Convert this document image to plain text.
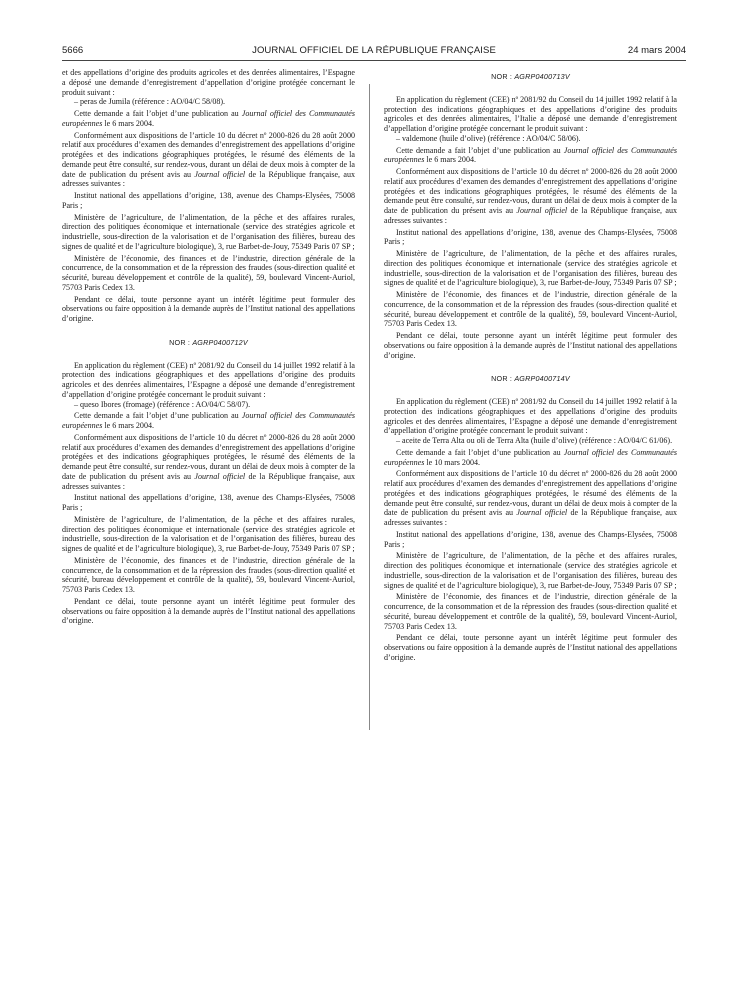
5666	JOURNAL OFFICIEL DE LA RÉPUBLIQUE FRANÇAISE	24 mars 2004

et des appellations d’origine des produits agricoles et des denrées alimentaires, l’Espagne a déposé une demande d’enregistrement d’appellation d’origine protégée concernant le produit suivant :

– peras de Jumila (référence : AO/04/C 58/08).

Cette demande a fait l’objet d’une publication au Journal officiel des Communautés européennes le 6 mars 2004.

Conformément aux dispositions de l’article 10 du décret nº 2000-826 du 28 août 2000 relatif aux procédures d’examen des demandes d’enregistrement des appellations d’origine protégées et des indications géographiques protégées, le résumé des éléments de la demande peut être consulté, sur rendez-vous, durant un délai de deux mois à compter de la date de publication du présent avis au Journal officiel de la République française, aux adresses suivantes :

Institut national des appellations d’origine, 138, avenue des Champs-Elysées, 75008 Paris ;

Ministère de l’agriculture, de l’alimentation, de la pêche et des affaires rurales, direction des politiques économique et internationale (service des stratégies agricole et industrielle, sous-direction de la valorisation et de l’organisation des filières, bureau des signes de qualité et de l’agriculture biologique), 3, rue Barbet-de-Jouy, 75349 Paris 07 SP ;

Ministère de l’économie, des finances et de l’industrie, direction générale de la concurrence, de la consommation et de la répression des fraudes (sous-direction qualité et sécurité, bureau développement et contrôle de la qualité), 59, boulevard Vincent-Auriol, 75703 Paris Cedex 13.

Pendant ce délai, toute personne ayant un intérêt légitime peut formuler des observations ou faire opposition à la demande auprès de l’Institut national des appellations d’origine.

NOR : AGRP0400712V

En application du règlement (CEE) nº 2081/92 du Conseil du 14 juillet 1992 relatif à la protection des indications géographiques et des appellations d’origine des produits agricoles et des denrées alimentaires, l’Espagne a déposé une demande d’enregistrement d’appellation d’origine protégée concernant le produit suivant :

– queso Ibores (fromage) (référence : AO/04/C 58/07).

Cette demande a fait l’objet d’une publication au Journal officiel des Communautés européennes le 6 mars 2004.

Conformément aux dispositions de l’article 10 du décret nº 2000-826 du 28 août 2000 relatif aux procédures d’examen des demandes d’enregistrement des appellations d’origine protégées et des indications géographiques protégées, le résumé des éléments de la demande peut être consulté, sur rendez-vous, durant un délai de deux mois à compter de la date de publication du présent avis au Journal officiel de la République française, aux adresses suivantes :

Institut national des appellations d’origine, 138, avenue des Champs-Elysées, 75008 Paris ;

Ministère de l’agriculture, de l’alimentation, de la pêche et des affaires rurales, direction des politiques économique et internationale (service des stratégies agricole et industrielle, sous-direction de la valorisation et de l’organisation des filières, bureau des signes de qualité et de l’agriculture biologique), 3, rue Barbet-de-Jouy, 75349 Paris 07 SP ;

Ministère de l’économie, des finances et de l’industrie, direction générale de la concurrence, de la consommation et de la répression des fraudes (sous-direction qualité et sécurité, bureau développement et contrôle de la qualité), 59, boulevard Vincent-Auriol, 75703 Paris Cedex 13.

Pendant ce délai, toute personne ayant un intérêt légitime peut formuler des observations ou faire opposition à la demande auprès de l’Institut national des appellations d’origine.

NOR : AGRP0400713V

En application du règlement (CEE) nº 2081/92 du Conseil du 14 juillet 1992 relatif à la protection des indications géographiques et des appellations d’origine des produits agricoles et des denrées alimentaires, l’Italie a déposé une demande d’enregistrement d’appellation d’origine protégée concernant le produit suivant :

– valdemone (huile d’olive) (référence : AO/04/C 58/06).

Cette demande a fait l’objet d’une publication au Journal officiel des Communautés européennes le 6 mars 2004.

Conformément aux dispositions de l’article 10 du décret nº 2000-826 du 28 août 2000 relatif aux procédures d’examen des demandes d’enregistrement des appellations d’origine protégées et des indications géographiques protégées, le résumé des éléments de la demande peut être consulté, sur rendez-vous, durant un délai de deux mois à compter de la date de publication du présent avis au Journal officiel de la République française, aux adresses suivantes :

Institut national des appellations d’origine, 138, avenue des Champs-Elysées, 75008 Paris ;

Ministère de l’agriculture, de l’alimentation, de la pêche et des affaires rurales, direction des politiques économique et internationale (service des stratégies agricole et industrielle, sous-direction de la valorisation et de l’organisation des filières, bureau des signes de qualité et de l’agriculture biologique), 3, rue Barbet-de-Jouy, 75349 Paris 07 SP ;

Ministère de l’économie, des finances et de l’industrie, direction générale de la concurrence, de la consommation et de la répression des fraudes (sous-direction qualité et sécurité, bureau développement et contrôle de la qualité), 59, boulevard Vincent-Auriol, 75703 Paris Cedex 13.

Pendant ce délai, toute personne ayant un intérêt légitime peut formuler des observations ou faire opposition à la demande auprès de l’Institut national des appellations d’origine.

NOR : AGRP0400714V

En application du règlement (CEE) nº 2081/92 du Conseil du 14 juillet 1992 relatif à la protection des indications géographiques et des appellations d’origine des produits agricoles et des denrées alimentaires, l’Espagne a déposé une demande d’enregistrement d’appellation d’origine protégée concernant le produit suivant :

– aceite de Terra Alta ou oli de Terra Alta (huile d’olive) (référence : AO/04/C 61/06).

Cette demande a fait l’objet d’une publication au Journal officiel des Communautés européennes le 10 mars 2004.

Conformément aux dispositions de l’article 10 du décret nº 2000-826 du 28 août 2000 relatif aux procédures d’examen des demandes d’enregistrement des appellations d’origine protégées et des indications géographiques protégées, le résumé des éléments de la demande peut être consulté, sur rendez-vous, durant un délai de deux mois à compter de la date de publication du présent avis au Journal officiel de la République française, aux adresses suivantes :

Institut national des appellations d’origine, 138, avenue des Champs-Elysées, 75008 Paris ;

Ministère de l’agriculture, de l’alimentation, de la pêche et des affaires rurales, direction des politiques économique et internationale (service des stratégies agricole et industrielle, sous-direction de la valorisation et de l’organisation des filières, bureau des signes de qualité et de l’agriculture biologique), 3, rue Barbet-de-Jouy, 75349 Paris 07 SP ;

Ministère de l’économie, des finances et de l’industrie, direction générale de la concurrence, de la consommation et de la répression des fraudes (sous-direction qualité et sécurité, bureau développement et contrôle de la qualité), 59, boulevard Vincent-Auriol, 75703 Paris Cedex 13.

Pendant ce délai, toute personne ayant un intérêt légitime peut formuler des observations ou faire opposition à la demande auprès de l’Institut national des appellations d’origine.
